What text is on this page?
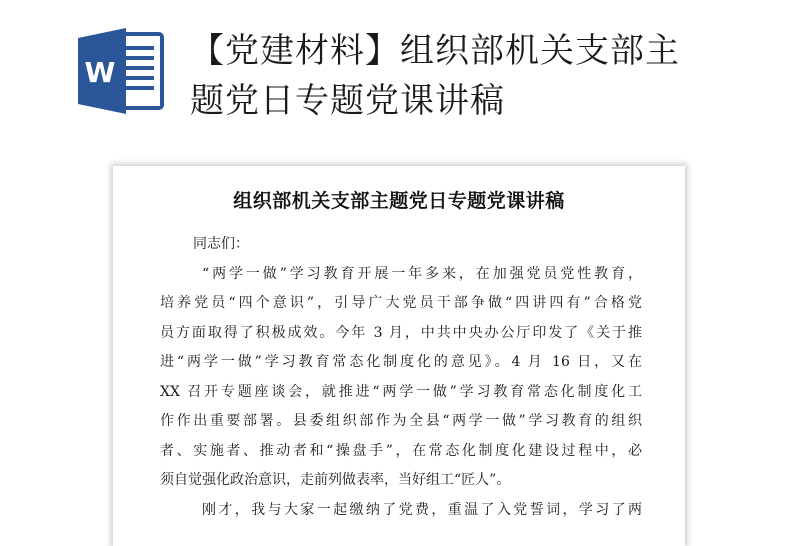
W
【党建材料】组织部机关支部主
题党日专题党课讲稿
组织部机关支部主题党日专题党课讲稿
同志们：
“两学一做”学习教育开展一年多来，在加强党员党性教育，
培养党员“四个意识”，引导广大党员干部争做“四讲四有”合格党
员方面取得了积极成效。今年 3 月，中共中央办公厅印发了《关于推
进“两学一做”学习教育常态化制度化的意见》。4 月 16 日，又在
XX 召开专题座谈会，就推进“两学一做”学习教育常态化制度化工
作作出重要部署。县委组织部作为全县“两学一做”学习教育的组织
者、实施者、推动者和“操盘手”，在常态化制度化建设过程中，必
须自觉强化政治意识，走前列做表率，当好组工“匠人”。
刚才，我与大家一起缴纳了党费，重温了入党誓词，学习了两
